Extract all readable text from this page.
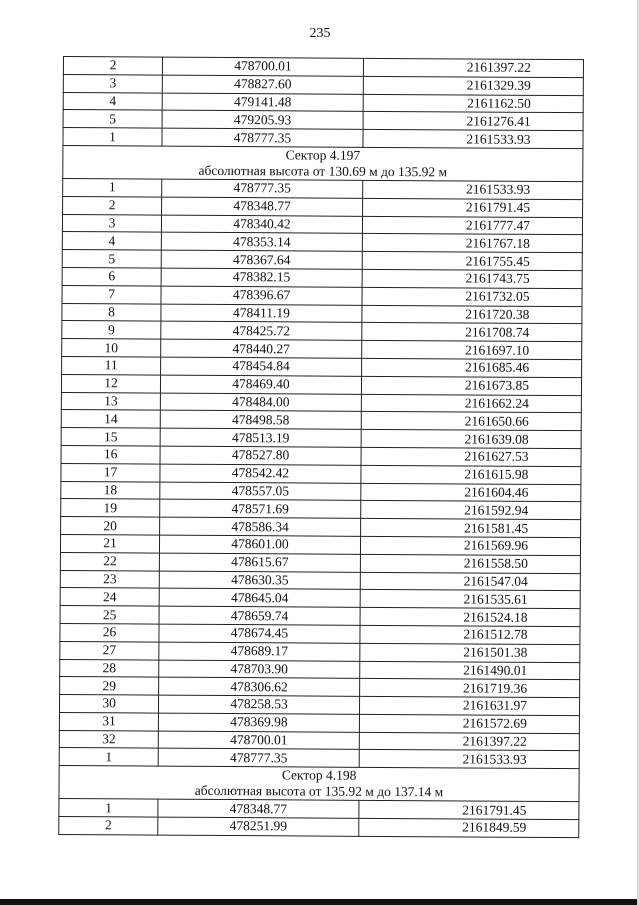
235
2	478700.01	2161397.22
3	478827.60	2161329.39
4	479141.48	2161162.50
5	479205.93	2161276.41
1	478777.35	2161533.93

Сектор 4.197
абсолютная высота от 130.69 м до 135.92 м		

1	478777.35	2161533.93
2	478348.77	2161791.45
3	478340.42	2161777.47
4	478353.14	2161767.18
5	478367.64	2161755.45
6	478382.15	2161743.75
7	478396.67	2161732.05
8	478411.19	2161720.38
9	478425.72	2161708.74
10	478440.27	2161697.10
11	478454.84	2161685.46
12	478469.40	2161673.85
13	478484.00	2161662.24
14	478498.58	2161650.66
15	478513.19	2161639.08
16	478527.80	2161627.53
17	478542.42	2161615.98
18	478557.05	2161604.46
19	478571.69	2161592.94
20	478586.34	2161581.45
21	478601.00	2161569.96
22	478615.67	2161558.50
23	478630.35	2161547.04
24	478645.04	2161535.61
25	478659.74	2161524.18
26	478674.45	2161512.78
27	478689.17	2161501.38
28	478703.90	2161490.01
29	478306.62	2161719.36
30	478258.53	2161631.97
31	478369.98	2161572.69
32	478700.01	2161397.22
1	478777.35	2161533.93

Сектор 4.198
абсолютная высота от 135.92 м до 137.14 м		

1	478348.77	2161791.45
2	478251.99	2161849.59
